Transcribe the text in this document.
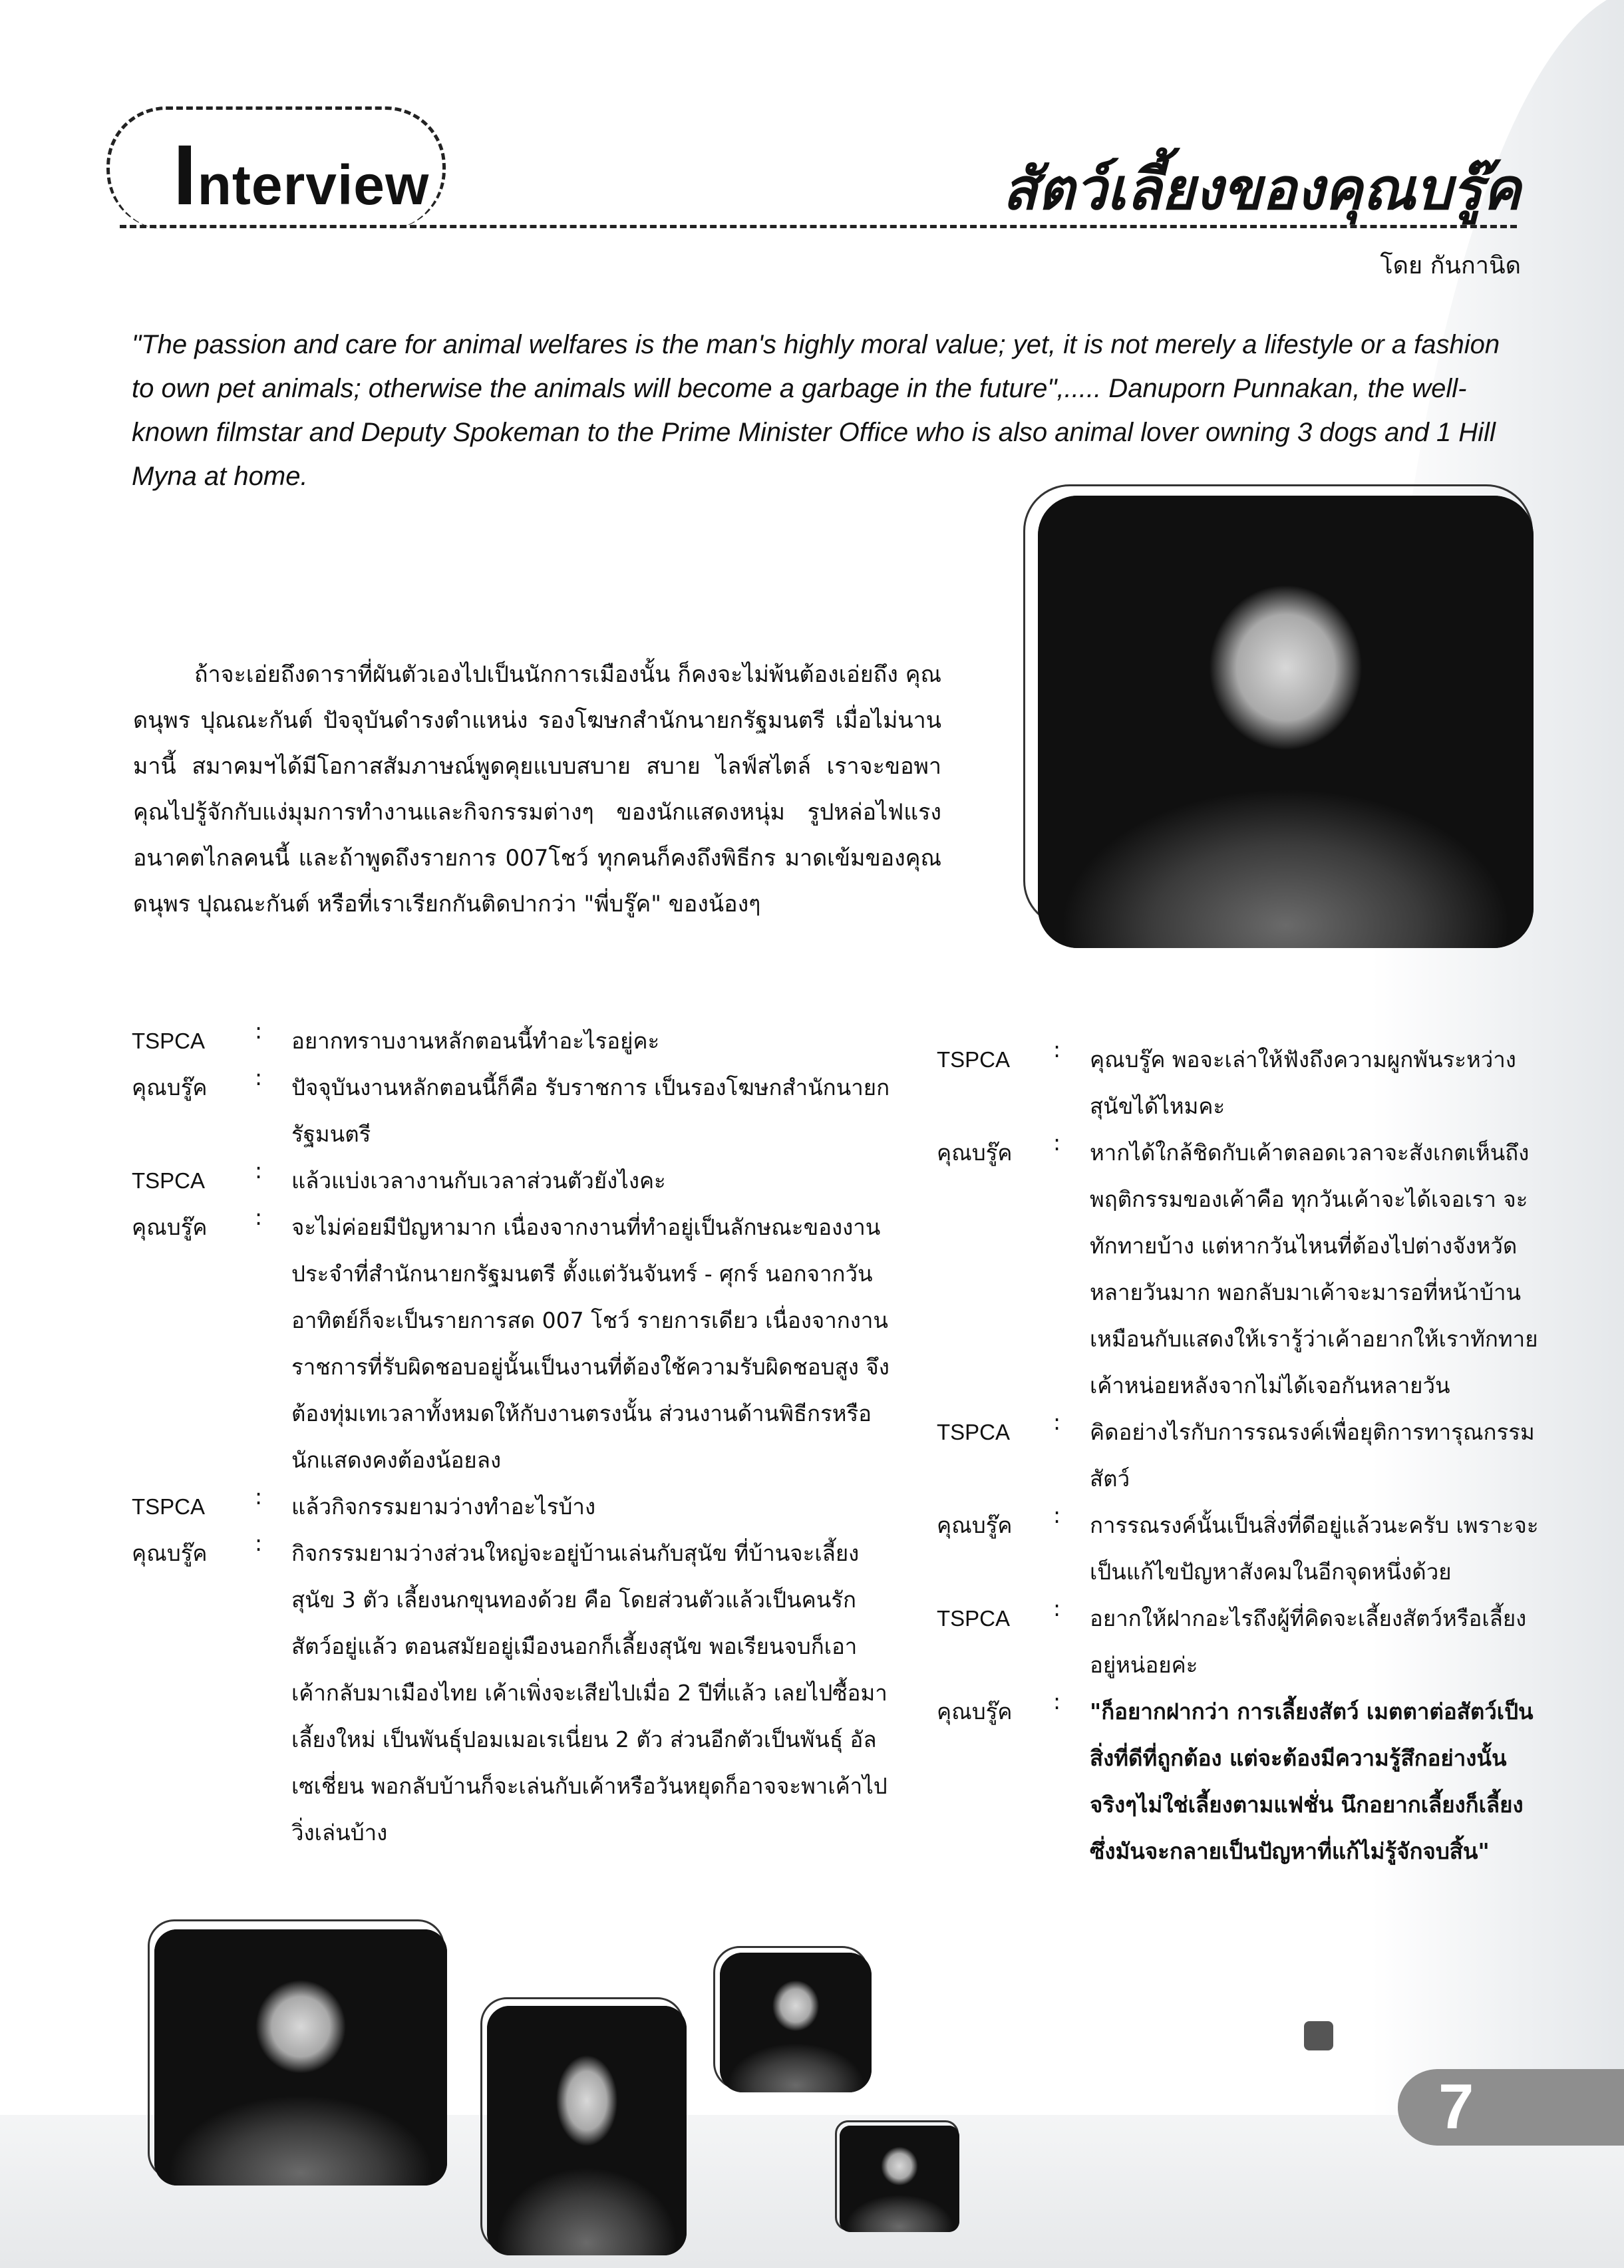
Interview	สัตว์เลี้ยงของคุณบรู๊ค
โดย กันกานิด
"The passion and care for animal welfares is the man's highly moral value; yet, it is not merely a lifestyle or a fashion to own pet animals; otherwise the animals will become a garbage in the future",..... Danuporn Punnakan, the well-known filmstar and Deputy Spokeman to the Prime Minister Office who is also animal lover owning 3 dogs and 1 Hill Myna at home.

ถ้าจะเอ่ยถึงดาราที่ผันตัวเองไปเป็นนักการเมืองนั้น ก็คงจะไม่พ้นต้องเอ่ยถึง คุณดนุพร ปุณณะกันต์ ปัจจุบันดำรงตำแหน่ง รองโฆษกสำนักนายกรัฐมนตรี เมื่อไม่นานมานี้ สมาคมฯได้มีโอกาสสัมภาษณ์พูดคุยแบบสบาย สบาย ไลฟ์สไตล์ เราจะขอพาคุณไปรู้จักกับแง่มุมการทำงานและกิจกรรมต่างๆ ของนักแสดงหนุ่ม รูปหล่อไฟแรงอนาคตไกลคนนี้ และถ้าพูดถึงรายการ 007โชว์ ทุกคนก็คงถึงพิธีกร มาดเข้มของคุณ ดนุพร ปุณณะกันต์ หรือที่เราเรียกกันติดปากว่า "พี่บรู๊ค" ของน้องๆ

TSPCA	:	อยากทราบงานหลักตอนนี้ทำอะไรอยู่คะ
คุณบรู๊ค	:	ปัจจุบันงานหลักตอนนี้ก็คือ รับราชการ เป็นรองโฆษกสำนักนายกรัฐมนตรี
TSPCA	:	แล้วแบ่งเวลางานกับเวลาส่วนตัวยังไงคะ
คุณบรู๊ค	:	จะไม่ค่อยมีปัญหามาก เนื่องจากงานที่ทำอยู่เป็นลักษณะของงานประจำที่สำนักนายกรัฐมนตรี ตั้งแต่วันจันทร์ - ศุกร์ นอกจากวันอาทิตย์ก็จะเป็นรายการสด 007 โชว์ รายการเดียว เนื่องจากงานราชการที่รับผิดชอบอยู่นั้นเป็นงานที่ต้องใช้ความรับผิดชอบสูง จึงต้องทุ่มเทเวลาทั้งหมดให้กับงานตรงนั้น ส่วนงานด้านพิธีกรหรือนักแสดงคงต้องน้อยลง
TSPCA	:	แล้วกิจกรรมยามว่างทำอะไรบ้าง
คุณบรู๊ค	:	กิจกรรมยามว่างส่วนใหญ่จะอยู่บ้านเล่นกับสุนัข ที่บ้านจะเลี้ยงสุนัข 3 ตัว เลี้ยงนกขุนทองด้วย คือ โดยส่วนตัวแล้วเป็นคนรักสัตว์อยู่แล้ว ตอนสมัยอยู่เมืองนอกก็เลี้ยงสุนัข พอเรียนจบก็เอาเค้ากลับมาเมืองไทย เค้าเพิ่งจะเสียไปเมื่อ 2 ปีที่แล้ว เลยไปซื้อมาเลี้ยงใหม่ เป็นพันธุ์ปอมเมอเรเนี่ยน 2 ตัว ส่วนอีกตัวเป็นพันธุ์ อัลเซเชี่ยน พอกลับบ้านก็จะเล่นกับเค้าหรือวันหยุดก็อาจจะพาเค้าไปวิ่งเล่นบ้าง
TSPCA	:	คุณบรู๊ค พอจะเล่าให้ฟังถึงความผูกพันระหว่างสุนัขได้ไหมคะ
คุณบรู๊ค	:	หากได้ใกล้ชิดกับเค้าตลอดเวลาจะสังเกตเห็นถึงพฤติกรรมของเค้าคือ ทุกวันเค้าจะได้เจอเรา จะทักทายบ้าง แต่หากวันไหนที่ต้องไปต่างจังหวัดหลายวันมาก พอกลับมาเค้าจะมารอที่หน้าบ้าน เหมือนกับแสดงให้เรารู้ว่าเค้าอยากให้เราทักทายเค้าหน่อยหลังจากไม่ได้เจอกันหลายวัน
TSPCA	:	คิดอย่างไรกับการรณรงค์เพื่อยุติการทารุณกรรมสัตว์
คุณบรู๊ค	:	การรณรงค์นั้นเป็นสิ่งที่ดีอยู่แล้วนะครับ เพราะจะเป็นแก้ไขปัญหาสังคมในอีกจุดหนึ่งด้วย
TSPCA	:	อยากให้ฝากอะไรถึงผู้ที่คิดจะเลี้ยงสัตว์หรือเลี้ยงอยู่หน่อยค่ะ
คุณบรู๊ค	:	"ก็อยากฝากว่า การเลี้ยงสัตว์ เมตตาต่อสัตว์เป็นสิ่งที่ดีที่ถูกต้อง แต่จะต้องมีความรู้สึกอย่างนั้นจริงๆไม่ใช่เลี้ยงตามแฟชั่น นึกอยากเลี้ยงก็เลี้ยง ซึ่งมันจะกลายเป็นปัญหาที่แก้ไม่รู้จักจบสิ้น"
7
